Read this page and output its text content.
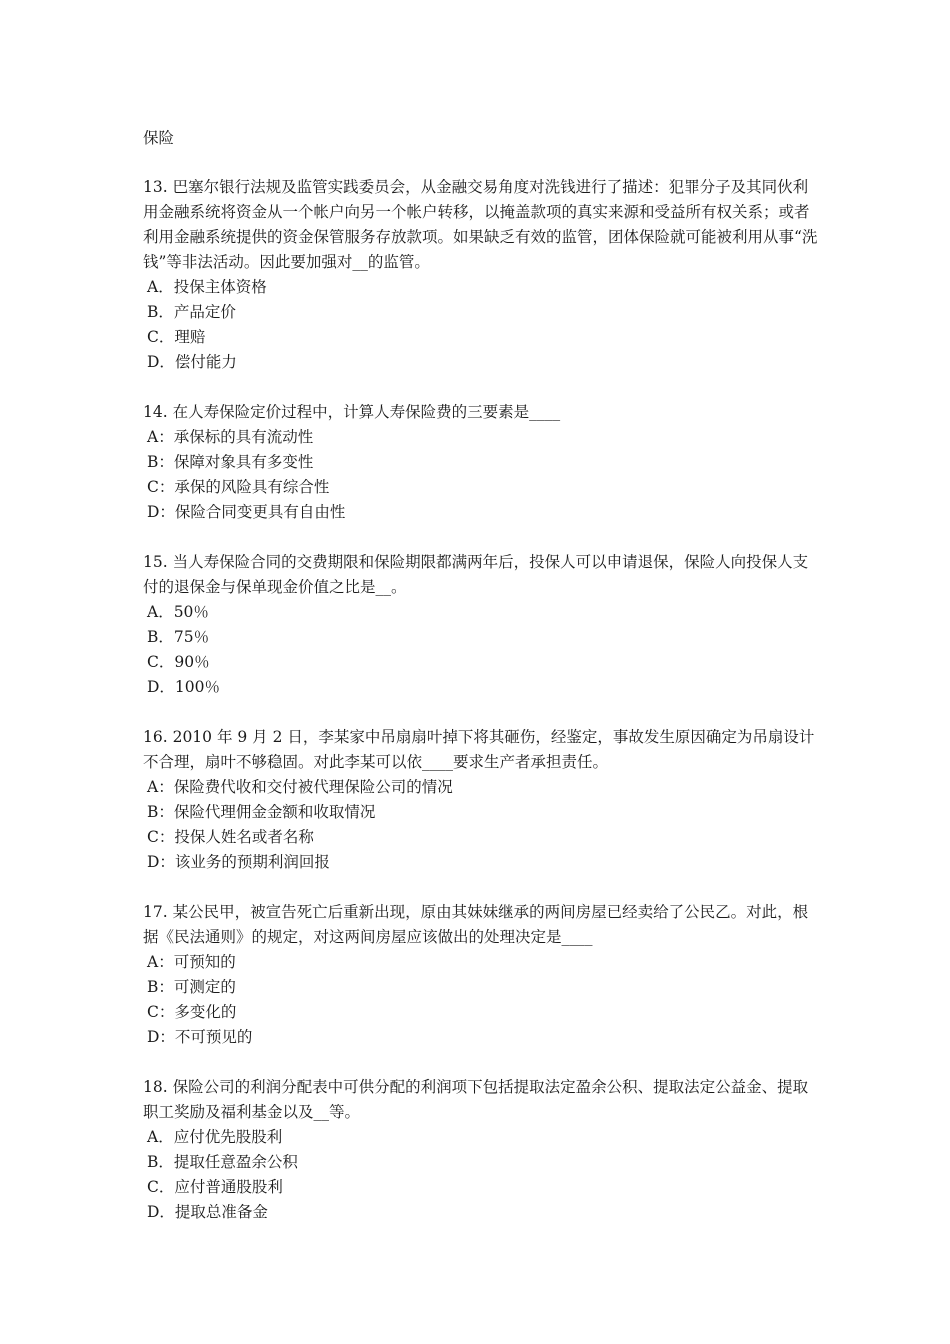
保险

13. 巴塞尔银行法规及监管实践委员会，从金融交易角度对洗钱进行了描述：犯罪分子及其同伙利用金融系统将资金从一个帐户向另一个帐户转移，以掩盖款项的真实来源和受益所有权关系；或者利用金融系统提供的资金保管服务存放款项。如果缺乏有效的监管，团体保险就可能被利用从事“洗钱”等非法活动。因此要加强对__的监管。

A．投保主体资格
B．产品定价
C．理赔
D．偿付能力

14. 在人寿保险定价过程中，计算人寿保险费的三要素是____

A：承保标的具有流动性
B：保障对象具有多变性
C：承保的风险具有综合性
D：保险合同变更具有自由性

15. 当人寿保险合同的交费期限和保险期限都满两年后，投保人可以申请退保，保险人向投保人支付的退保金与保单现金价值之比是__。

A．50％
B．75％
C．90％
D．100％

16. 2010 年 9 月 2 日，李某家中吊扇扇叶掉下将其砸伤，经鉴定，事故发生原因确定为吊扇设计不合理，扇叶不够稳固。对此李某可以依____要求生产者承担责任。

A：保险费代收和交付被代理保险公司的情况
B：保险代理佣金金额和收取情况
C：投保人姓名或者名称
D：该业务的预期利润回报

17. 某公民甲，被宣告死亡后重新出现，原由其妹妹继承的两间房屋已经卖给了公民乙。对此，根据《民法通则》的规定，对这两间房屋应该做出的处理决定是____

A：可预知的
B：可测定的
C：多变化的
D：不可预见的

18. 保险公司的利润分配表中可供分配的利润项下包括提取法定盈余公积、提取法定公益金、提取职工奖励及福利基金以及__等。

A．应付优先股股利
B．提取任意盈余公积
C．应付普通股股利
D．提取总准备金
